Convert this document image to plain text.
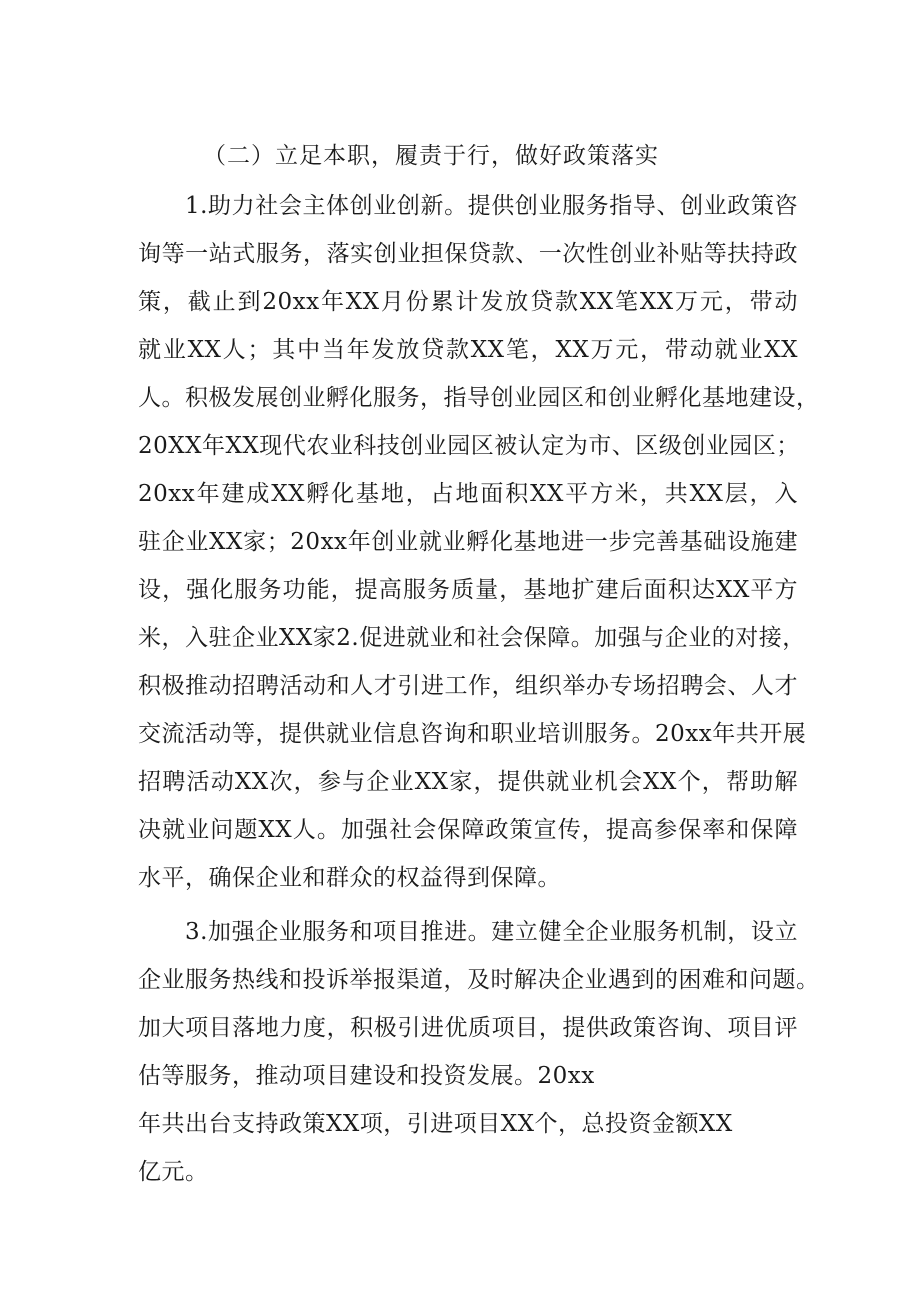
（二）立足本职，履责于行，做好政策落实
1.助力社会主体创业创新。提供创业服务指导、创业政策咨
询等一站式服务，落实创业担保贷款、一次性创业补贴等扶持政
策，截止到20xx年XX月份累计发放贷款XX笔XX万元，带动
就业XX人；其中当年发放贷款XX笔，XX万元，带动就业XX
人。积极发展创业孵化服务，指导创业园区和创业孵化基地建设，
20XX年XX现代农业科技创业园区被认定为市、区级创业园区；
20xx年建成XX孵化基地，占地面积XX平方米，共XX层，入
驻企业XX家；20xx年创业就业孵化基地进一步完善基础设施建
设，强化服务功能，提高服务质量，基地扩建后面积达XX平方
米，入驻企业XX家2.促进就业和社会保障。加强与企业的对接，
积极推动招聘活动和人才引进工作，组织举办专场招聘会、人才
交流活动等，提供就业信息咨询和职业培训服务。20xx年共开展
招聘活动XX次，参与企业XX家，提供就业机会XX个，帮助解
决就业问题XX人。加强社会保障政策宣传，提高参保率和保障
水平，确保企业和群众的权益得到保障。
3.加强企业服务和项目推进。建立健全企业服务机制，设立
企业服务热线和投诉举报渠道，及时解决企业遇到的困难和问题。
加大项目落地力度，积极引进优质项目，提供政策咨询、项目评
估等服务，推动项目建设和投资发展。20xx
年共出台支持政策XX项，引进项目XX个，总投资金额XX
亿元。
